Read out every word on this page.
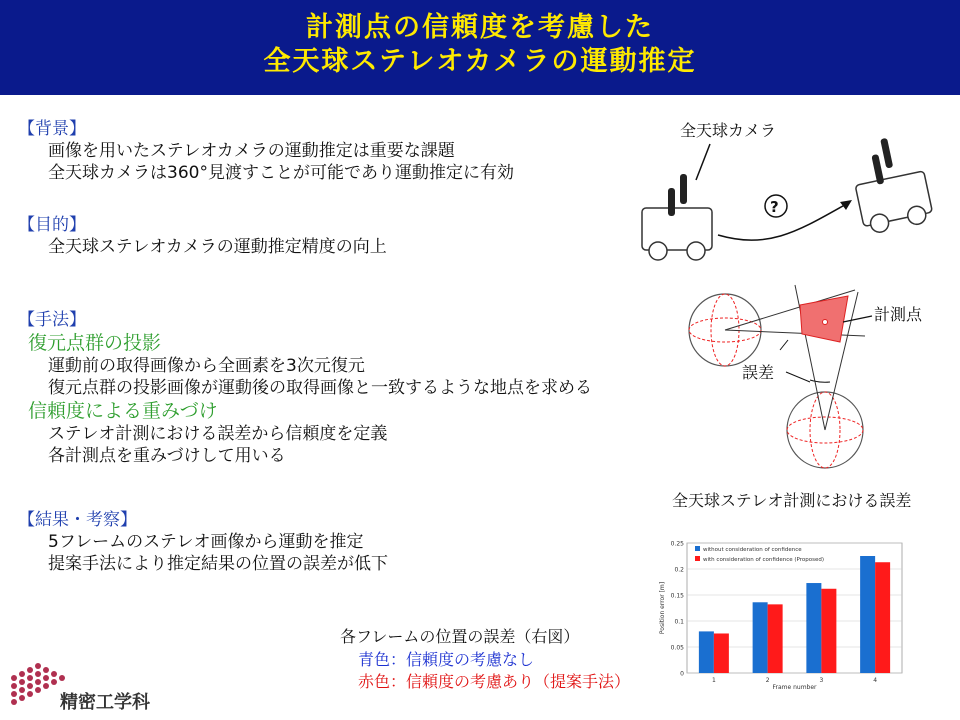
計測点の信頼度を考慮した
全天球ステレオカメラの運動推定
【背景】
画像を用いたステレオカメラの運動推定は重要な課題
全天球カメラは360°見渡すことが可能であり運動推定に有効
【目的】
全天球ステレオカメラの運動推定精度の向上
【手法】
復元点群の投影
運動前の取得画像から全画素を3次元復元
復元点群の投影画像が運動後の取得画像と一致するような地点を求める
信頼度による重みづけ
ステレオ計測における誤差から信頼度を定義
各計測点を重みづけして用いる
【結果・考察】
5フレームのステレオ画像から運動を推定
提案手法により推定結果の位置の誤差が低下
各フレームの位置の誤差（右図）
青色：信頼度の考慮なし
赤色：信頼度の考慮あり（提案手法）
精密工学科
全天球カメラ
?
計測点
誤差
全天球ステレオ計測における誤差
0
0.05
0.1
0.15
0.2
0.25
1	2	3	4
Frame number
Position error [m]
without consideration of confidence
with consideration of confidence (Proposed)
